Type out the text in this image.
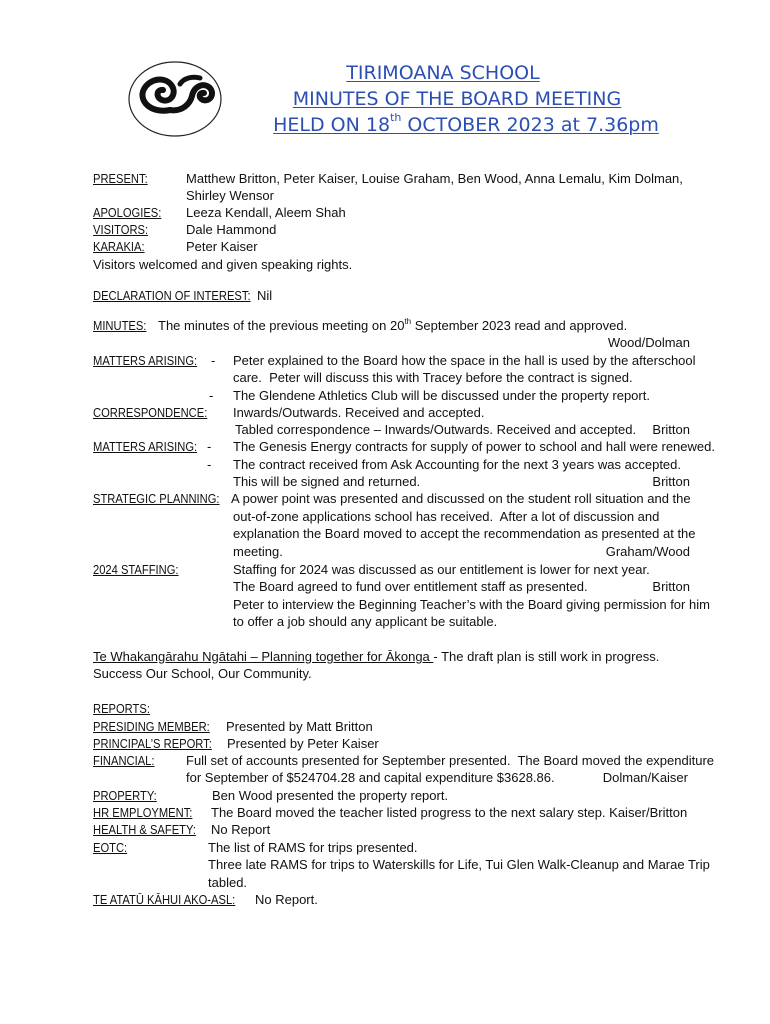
TIRIMOANA SCHOOL
MINUTES OF THE BOARD MEETING
HELD ON 18th OCTOBER 2023 at 7.36pm
PRESENT:	Matthew Britton, Peter Kaiser, Louise Graham, Ben Wood, Anna Lemalu, Kim Dolman,
Shirley Wensor
APOLOGIES: Leeza Kendall, Aleem Shah
VISITORS:	Dale Hammond
KARAKIA:	Peter Kaiser
Visitors welcomed and given speaking rights.
DECLARATION OF INTEREST: Nil
MINUTES: The minutes of the previous meeting on 20th September 2023 read and approved.
Wood/Dolman
MATTERS ARISING: - Peter explained to the Board how the space in the hall is used by the afterschool
care.  Peter will discuss this with Tracey before the contract is signed.
- The Glendene Athletics Club will be discussed under the property report.
CORRESPONDENCE: Inwards/Outwards. Received and accepted.
Tabled correspondence – Inwards/Outwards. Received and accepted. Britton
MATTERS ARISING: - The Genesis Energy contracts for supply of power to school and hall were renewed.
- The contract received from Ask Accounting for the next 3 years was accepted.
This will be signed and returned.	Britton
STRATEGIC PLANNING: A power point was presented and discussed on the student roll situation and the
out-of-zone applications school has received.  After a lot of discussion and
explanation the Board moved to accept the recommendation as presented at the
meeting.	Graham/Wood
2024 STAFFING:	Staffing for 2024 was discussed as our entitlement is lower for next year.
The Board agreed to fund over entitlement staff as presented.	Britton
Peter to interview the Beginning Teacher’s with the Board giving permission for him
to offer a job should any applicant be suitable.
Te Whakangārahu Ngātahi – Planning together for Ākonga - The draft plan is still work in progress.
Success Our School, Our Community.
REPORTS:
PRESIDING MEMBER: Presented by Matt Britton
PRINCIPAL’S REPORT: Presented by Peter Kaiser
FINANCIAL: Full set of accounts presented for September presented.  The Board moved the expenditure
for September of $524704.28 and capital expenditure $3628.86.	Dolman/Kaiser
PROPERTY:	Ben Wood presented the property report.
HR EMPLOYMENT: The Board moved the teacher listed progress to the next salary step. Kaiser/Britton
HEALTH & SAFETY: No Report
EOTC:	The list of RAMS for trips presented.
Three late RAMS for trips to Waterskills for Life, Tui Glen Walk-Cleanup and Marae Trip
tabled.
TE ATATŪ KĀHUI AKO-ASL: No Report.
